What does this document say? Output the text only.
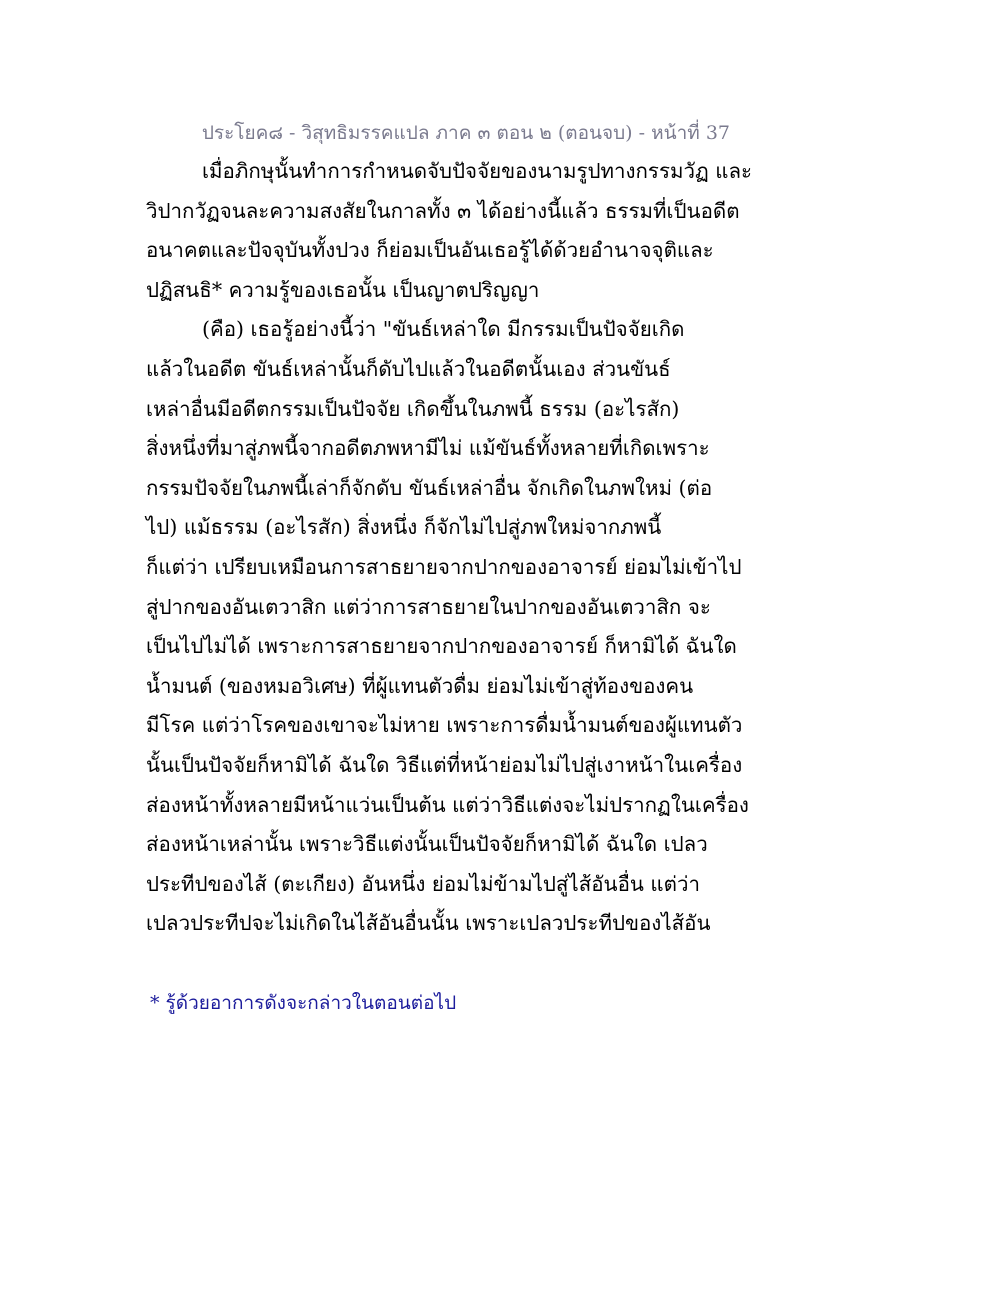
ประโยค๘ - วิสุทธิมรรคแปล ภาค ๓ ตอน ๒ (ตอนจบ) - หน้าที่ 37
เมื่อภิกษุนั้นทำการกำหนดจับปัจจัยของนามรูปทางกรรมวัฏ และ
วิปากวัฏจนละความสงสัยในกาลทั้ง ๓ ได้อย่างนี้แล้ว ธรรมที่เป็นอดีต
อนาคตและปัจจุบันทั้งปวง ก็ย่อมเป็นอันเธอรู้ได้ด้วยอำนาจจุติและ
ปฏิสนธิ* ความรู้ของเธอนั้น เป็นญาตปริญญา
(คือ) เธอรู้อย่างนี้ว่า "ขันธ์เหล่าใด มีกรรมเป็นปัจจัยเกิด
แล้วในอดีต ขันธ์เหล่านั้นก็ดับไปแล้วในอดีตนั้นเอง ส่วนขันธ์
เหล่าอื่นมีอดีตกรรมเป็นปัจจัย เกิดขึ้นในภพนี้ ธรรม (อะไรสัก)
สิ่งหนึ่งที่มาสู่ภพนี้จากอดีตภพหามีไม่ แม้ขันธ์ทั้งหลายที่เกิดเพราะ
กรรมปัจจัยในภพนี้เล่าก็จักดับ ขันธ์เหล่าอื่น จักเกิดในภพใหม่ (ต่อ
ไป) แม้ธรรม (อะไรสัก) สิ่งหนึ่ง ก็จักไม่ไปสู่ภพใหม่จากภพนี้
ก็แต่ว่า เปรียบเหมือนการสาธยายจากปากของอาจารย์ ย่อมไม่เข้าไป
สู่ปากของอันเตวาสิก แต่ว่าการสาธยายในปากของอันเตวาสิก จะ
เป็นไปไม่ได้ เพราะการสาธยายจากปากของอาจารย์ ก็หามิได้ ฉันใด
น้ำมนต์ (ของหมอวิเศษ) ที่ผู้แทนตัวดื่ม ย่อมไม่เข้าสู่ท้องของคน
มีโรค แต่ว่าโรคของเขาจะไม่หาย เพราะการดื่มน้ำมนต์ของผู้แทนตัว
นั้นเป็นปัจจัยก็หามิได้ ฉันใด วิธีแต่ที่หน้าย่อมไม่ไปสู่เงาหน้าในเครื่อง
ส่องหน้าทั้งหลายมีหน้าแว่นเป็นต้น แต่ว่าวิธีแต่งจะไม่ปรากฏในเครื่อง
ส่องหน้าเหล่านั้น เพราะวิธีแต่งนั้นเป็นปัจจัยก็หามิได้ ฉันใด เปลว
ประทีปของไส้ (ตะเกียง) อันหนึ่ง ย่อมไม่ข้ามไปสู่ไส้อันอื่น แต่ว่า
เปลวประทีปจะไม่เกิดในไส้อันอื่นนั้น เพราะเปลวประทีปของไส้อัน
* รู้ด้วยอาการดังจะกล่าวในตอนต่อไป
